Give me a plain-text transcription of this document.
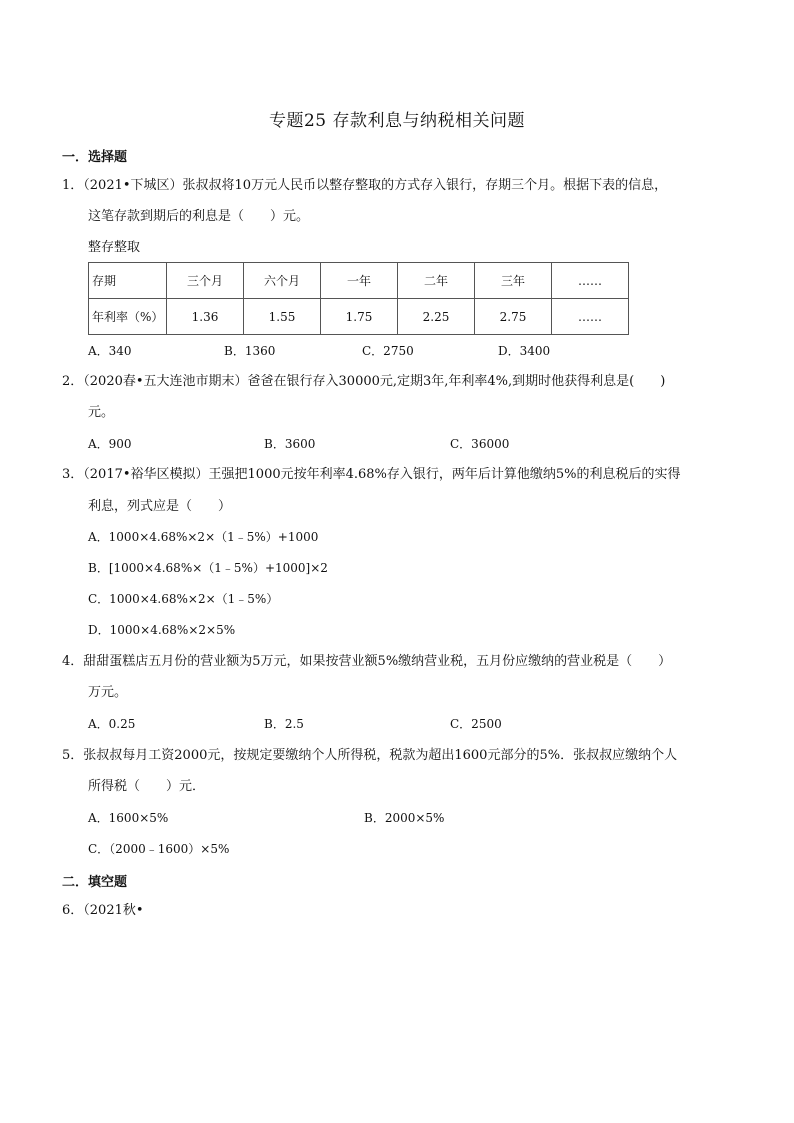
专题25 存款利息与纳税相关问题
一．选择题
1．（2021•下城区）张叔叔将10万元人民币以整存整取的方式存入银行，存期三个月。根据下表的信息，
这笔存款到期后的利息是（　　）元。
整存整取
存期	三个月	六个月	一年	二年	三年	……
年利率（%）	1.36	1.55	1.75	2.25	2.75	……
A．340	B．1360	C．2750	D．3400
2．（2020春•五大连池市期末）爸爸在银行存入30000元,定期3年,年利率4%,到期时他获得利息是(　　)
元。
A．900	B．3600	C．36000
3．（2017•裕华区模拟）王强把1000元按年利率4.68%存入银行，两年后计算他缴纳5%的利息税后的实得
利息，列式应是（　　）
A．1000×4.68%×2×（1﹣5%）+1000
B．[1000×4.68%×（1﹣5%）+1000]×2
C．1000×4.68%×2×（1﹣5%）
D．1000×4.68%×2×5%
4．甜甜蛋糕店五月份的营业额为5万元，如果按营业额5%缴纳营业税，五月份应缴纳的营业税是（　　）
万元。
A．0.25	B．2.5	C．2500
5．张叔叔每月工资2000元，按规定要缴纳个人所得税，税款为超出1600元部分的5%．张叔叔应缴纳个人
所得税（　　）元．
A．1600×5%	B．2000×5%
C．（2000﹣1600）×5%
二．填空题
6．（2021秋•
